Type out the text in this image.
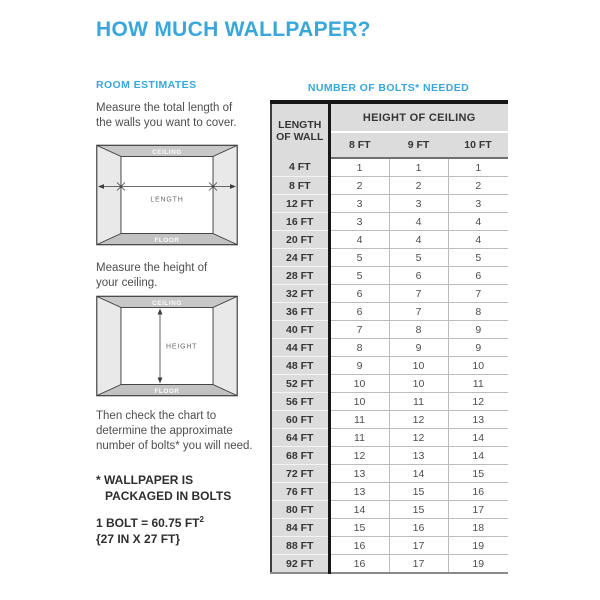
HOW MUCH WALLPAPER?
ROOM ESTIMATES
Measure the total length of
the walls you want to cover.
CEILING
FLOOR
LENGTH
Measure the height of
your ceiling.
CEILING
FLOOR
HEIGHT
Then check the chart to
determine the approximate
number of bolts* you will need.
* WALLPAPER IS
PACKAGED IN BOLTS
1 BOLT = 60.75 $FT^2$
{27 IN X 27 FT}
NUMBER OF BOLTS* NEEDED
LENGTH OF WALL	HEIGHT OF CEILING		
	8 FT	9 FT	10 FT
4 FT	1	1	1
8 FT	2	2	2
12 FT	3	3	3
16 FT	3	4	4
20 FT	4	4	4
24 FT	5	5	5
28 FT	5	6	6
32 FT	6	7	7
36 FT	6	7	8
40 FT	7	8	9
44 FT	8	9	9
48 FT	9	10	10
52 FT	10	10	11
56 FT	10	11	12
60 FT	11	12	13
64 FT	11	12	14
68 FT	12	13	14
72 FT	13	14	15
76 FT	13	15	16
80 FT	14	15	17
84 FT	15	16	18
88 FT	16	17	19
92 FT	16	17	19
